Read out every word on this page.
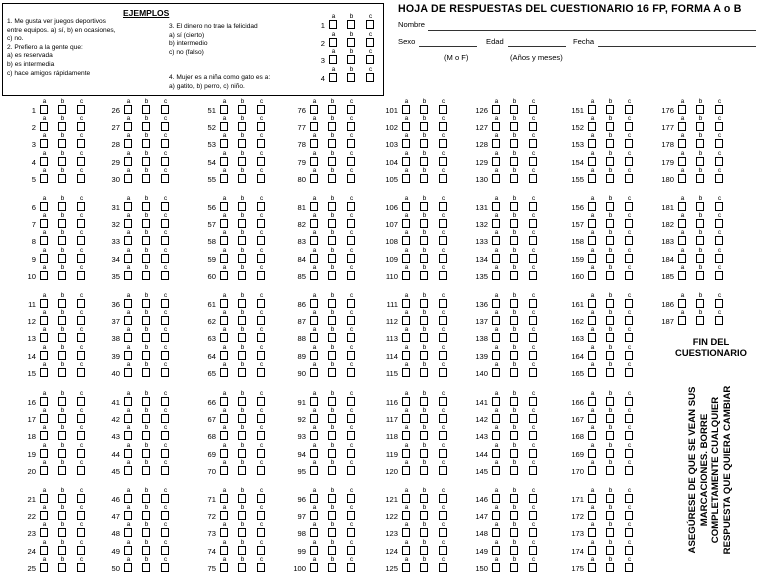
EJEMPLOS
1. Me gusta ver juegos deportivos
entre equipos. a) sí, b) en ocasiones,
c) no.
2. Prefiero a la gente que:
a) es reservada
b) es intermedia
c) hace amigos rápidamente
3. El dinero no trae la felicidad
a) sí (cierto)
b) intermedio
c) no (falso)
4. Mujer es a niña como gato es a:
a) gatito, b) perro, c) niño.
1
a	b	c
2
a	b	c
3
a	b	c
4
a	b	c
HOJA DE RESPUESTAS DEL CUESTIONARIO 16 FP, FORMA A o B
Nombre
Sexo	Edad	Fecha
(M o F)	(Años y meses)
1
a	b	c
2
a	b	c
3
a	b	c
4
a	b	c
5
a	b	c
6
a	b	c
7
a	b	c
8
a	b	c
9
a	b	c
10
a	b	c
11
a	b	c
12
a	b	c
13
a	b	c
14
a	b	c
15
a	b	c
16
a	b	c
17
a	b	c
18
a	b	c
19
a	b	c
20
a	b	c
21
a	b	c
22
a	b	c
23
a	b	c
24
a	b	c
25
a	b	c
26
a	b	c
27
a	b	c
28
a	b	c
29
a	b	c
30
a	b	c
31
a	b	c
32
a	b	c
33
a	b	c
34
a	b	c
35
a	b	c
36
a	b	c
37
a	b	c
38
a	b	c
39
a	b	c
40
a	b	c
41
a	b	c
42
a	b	c
43
a	b	c
44
a	b	c
45
a	b	c
46
a	b	c
47
a	b	c
48
a	b	c
49
a	b	c
50
a	b	c
51
a	b	c
52
a	b	c
53
a	b	c
54
a	b	c
55
a	b	c
56
a	b	c
57
a	b	c
58
a	b	c
59
a	b	c
60
a	b	c
61
a	b	c
62
a	b	c
63
a	b	c
64
a	b	c
65
a	b	c
66
a	b	c
67
a	b	c
68
a	b	c
69
a	b	c
70
a	b	c
71
a	b	c
72
a	b	c
73
a	b	c
74
a	b	c
75
a	b	c
76
a	b	c
77
a	b	c
78
a	b	c
79
a	b	c
80
a	b	c
81
a	b	c
82
a	b	c
83
a	b	c
84
a	b	c
85
a	b	c
86
a	b	c
87
a	b	c
88
a	b	c
89
a	b	c
90
a	b	c
91
a	b	c
92
a	b	c
93
a	b	c
94
a	b	c
95
a	b	c
96
a	b	c
97
a	b	c
98
a	b	c
99
a	b	c
100
a	b	c
101
a	b	c
102
a	b	c
103
a	b	c
104
a	b	c
105
a	b	c
106
a	b	c
107
a	b	c
108
a	b	c
109
a	b	c
110
a	b	c
111
a	b	c
112
a	b	c
113
a	b	c
114
a	b	c
115
a	b	c
116
a	b	c
117
a	b	c
118
a	b	c
119
a	b	c
120
a	b	c
121
a	b	c
122
a	b	c
123
a	b	c
124
a	b	c
125
a	b	c
126
a	b	c
127
a	b	c
128
a	b	c
129
a	b	c
130
a	b	c
131
a	b	c
132
a	b	c
133
a	b	c
134
a	b	c
135
a	b	c
136
a	b	c
137
a	b	c
138
a	b	c
139
a	b	c
140
a	b	c
141
a	b	c
142
a	b	c
143
a	b	c
144
a	b	c
145
a	b	c
146
a	b	c
147
a	b	c
148
a	b	c
149
a	b	c
150
a	b	c
151
a	b	c
152
a	b	c
153
a	b	c
154
a	b	c
155
a	b	c
156
a	b	c
157
a	b	c
158
a	b	c
159
a	b	c
160
a	b	c
161
a	b	c
162
a	b	c
163
a	b	c
164
a	b	c
165
a	b	c
166
a	b	c
167
a	b	c
168
a	b	c
169
a	b	c
170
a	b	c
171
a	b	c
172
a	b	c
173
a	b	c
174
a	b	c
175
a	b	c
176
a	b	c
177
a	b	c
178
a	b	c
179
a	b	c
180
a	b	c
181
a	b	c
182
a	b	c
183
a	b	c
184
a	b	c
185
a	b	c
186
a	b	c
187
a	b	c
FIN DEL CUESTIONARIO
ASEGÚRESE DE QUE SE VEAN SUS MARCACIONES. BORRE COMPLETAMENTE CUALQUIER RESPUESTA QUE QUIERA CAMBIAR
